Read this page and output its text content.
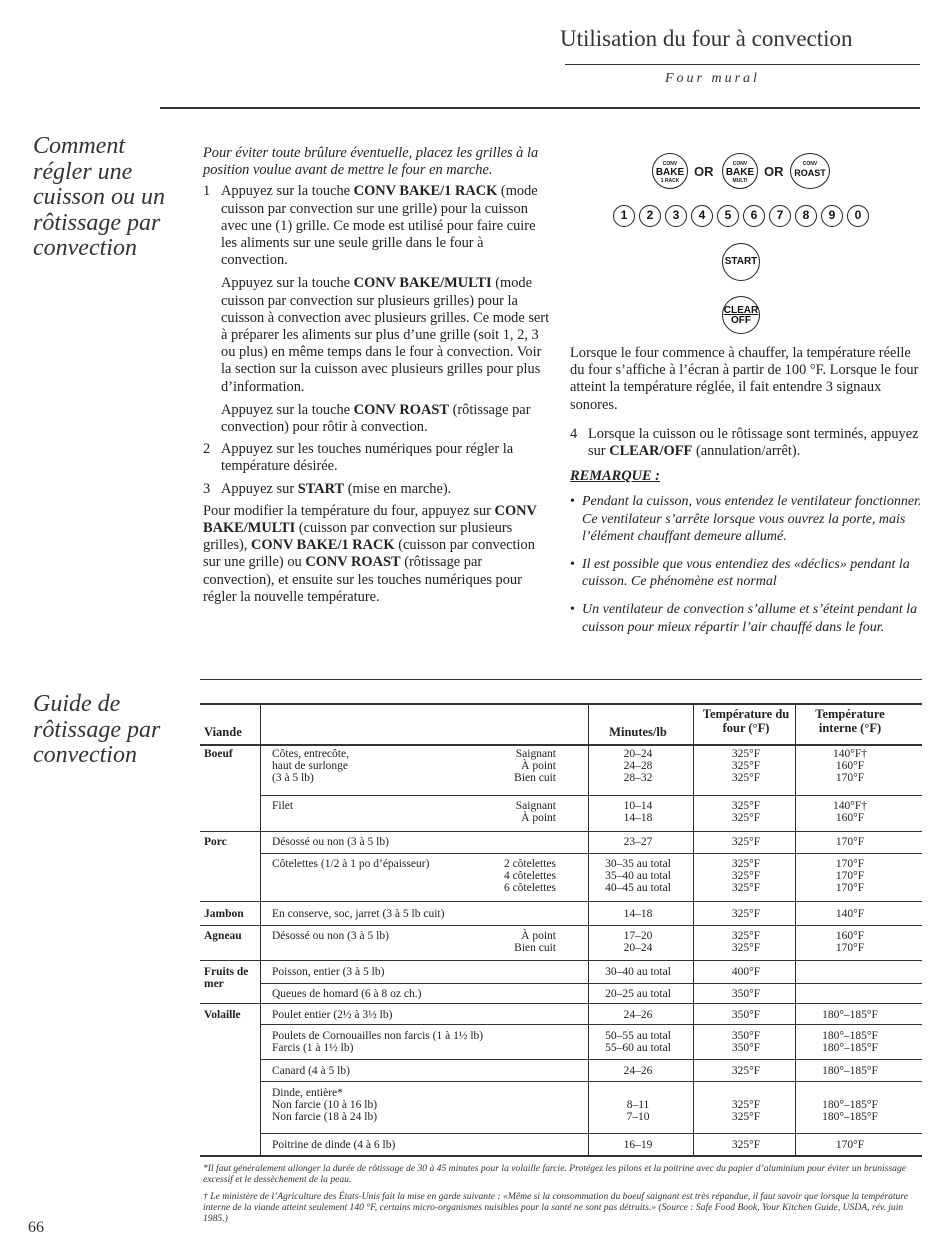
Utilisation du four à convection
Four mural
Comment
régler une
cuisson ou un
rôtissage par
convection

Pour éviter toute brûlure éventuelle, placez les grilles à la position voulue avant de mettre le four en marche.

1 Appuyez sur la touche CONV BAKE/1 RACK (mode cuisson par convection sur une grille) pour la cuisson avec une (1) grille. Ce mode est utilisé pour faire cuire les aliments sur une seule grille dans le four à convection.

Appuyez sur la touche CONV BAKE/MULTI (mode cuisson par convection sur plusieurs grilles) pour la cuisson à convection avec plusieurs grilles. Ce mode sert à préparer les aliments sur plus d’une grille (soit 1, 2, 3 ou plus) en même temps dans le four à convection. Voir la section sur la cuisson avec plusieurs grilles pour plus d’information.

Appuyez sur la touche CONV ROAST (rôtissage par convection) pour rôtir à convection.

2 Appuyez sur les touches numériques pour régler la température désirée.

3 Appuyez sur START (mise en marche).

Pour modifier la température du four, appuyez sur CONV BAKE/MULTI (cuisson par convection sur plusieurs grilles), CONV BAKE/1 RACK (cuisson par convection sur une grille) ou CONV ROAST (rôtissage par convection), et ensuite sur les touches numériques pour régler la nouvelle température.

CONV
BAKE
1 RACK
OR	CONV
BAKE
MULTI
OR	CONV
ROAST
1	2	3	4	5	6	7	8	9	0
START
CLEAR
OFF

Lorsque le four commence à chauffer, la température réelle du four s’affiche à l’écran à partir de 100 °F. Lorsque le four atteint la température réglée, il fait entendre 3 signaux sonores.

4 Lorsque la cuisson ou le rôtissage sont terminés, appuyez sur CLEAR/OFF (annulation/arrêt).

REMARQUE :

• Pendant la cuisson, vous entendez le ventilateur fonctionner. Ce ventilateur s’arrête lorsque vous ouvrez la porte, mais l’élément chauffant demeure allumé.

• Il est possible que vous entendiez des «déclics» pendant la cuisson. Ce phénomène est normal

• Un ventilateur de convection s’allume et s’éteint pendant la cuisson pour mieux répartir l’air chauffé dans le four.

Guide de
rôtissage par
convection
Viande	Minutes/lb
Température du four (°F)
Température interne (°F)
Boeuf	Côtes, entrecôte,	Saignant	20–24	325°F	140°F†
haut de surlonge	À point	24–28	325°F	160°F
(3 à 5 lb)	Bien cuit	28–32	325°F	170°F
Filet	Saignant	10–14	325°F	140°F†
À point	14–18	325°F	160°F
Porc	Désossé ou non (3 à 5 lb)	23–27	325°F	170°F
Côtelettes (1/2 à 1 po d’épaisseur)	2 côtelettes	30–35 au total	325°F	170°F
4 côtelettes	35–40 au total	325°F	170°F
6 côtelettes	40–45 au total	325°F	170°F
Jambon	En conserve, soc, jarret (3 à 5 lb cuit)	14–18	325°F	140°F
Agneau	Désossé ou non (3 à 5 lb)	À point	17–20	325°F	160°F
Bien cuit	20–24	325°F	170°F
Fruits de mer
Poisson, entier (3 à 5 lb)	30–40 au total	400°F
Queues de homard (6 à 8 oz ch.)	20–25 au total	350°F
Volaille	Poulet entier (2½ à 3½ lb)	24–26	350°F	180°–185°F
Poulets de Cornouailles non farcis (1 à 1½ lb)	50–55 au total	350°F	180°–185°F
Farcis (1 à 1½ lb)	55–60 au total	350°F	180°–185°F
Canard (4 à 5 lb)	24–26	325°F	180°–185°F
Dinde, entière*
Non farcie (10 à 16 lb)	8–11	325°F	180°–185°F
Non farcie (18 à 24 lb)	7–10	325°F	180°–185°F
Poitrine de dinde (4 à 6 lb)	16–19	325°F	170°F
*Il faut généralement allonger la durée de rôtissage de 30 à 45 minutes pour la volaille farcie. Protégez les pilons et la poitrine avec du papier d’aluminium pour éviter un brunissage excessif et le dessèchement de la peau.
† Le ministère de l’Agriculture des États-Unis fait la mise en garde suivante : «Même si la consommation du boeuf saignant est très répandue, il faut savoir que lorsque la température interne de la viande atteint seulement 140 °F, certains micro-organismes nuisibles pour la santé ne sont pas détruits.» (Source : Safe Food Book, Your Kitchen Guide, USDA, rév. juin 1985.)
66
